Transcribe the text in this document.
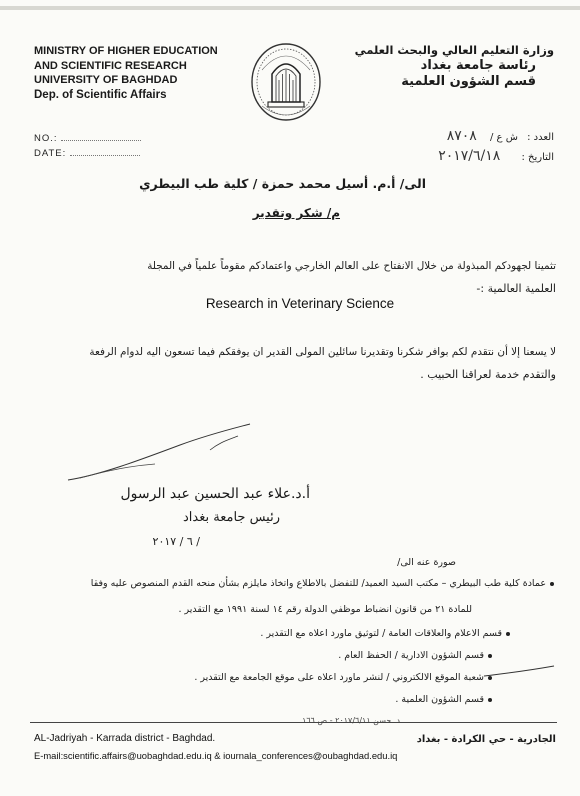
MINISTRY OF HIGHER EDUCATION
AND SCIENTIFIC RESEARCH
UNIVERSITY OF BAGHDAD
Dep. of Scientific Affairs
وزارة التعليم العالي والبحث العلمي
رئاسة جامعة بغداد
قسم الشؤون العلمية
NO.:
DATE:
العدد : ش ع / ٨٧٠٨
التاريخ : ٢٠١٧/٦/١٨
الى/ أ.م. أسيل محمد حمزة / كلية طب البيطري
م/ شكر وتقدير
تثمينا لجهودكم المبذولة من خلال الانفتاح على العالم الخارجي واعتمادكم مقوماً علمياً في المجلة
العلمية العالمية :-
Research in Veterinary Science
لا يسعنا إلا أن نتقدم لكم بوافر شكرنا وتقديرنا سائلين المولى القدير ان يوفقكم فيما تسعون اليه لدوام الرفعة
والتقدم خدمة لعراقنا الحبيب .
أ.د.علاء عبد الحسين عبد الرسول
رئيس جامعة بغداد
/ ٦ / ٢٠١٧
صورة عنه الى/
عمادة كلية طب البيطري – مكتب السيد العميد/ للتفضل بالاطلاع واتخاذ مايلزم بشأن منحه القدم المنصوص عليه وفقا
للمادة ٢١ من قانون انضباط موظفي الدولة رقم ١٤ لسنة ١٩٩١ مع التقدير .
قسم الاعلام والعلاقات العامة / لتوثيق ماورد اعلاه مع التقدير .
قسم الشؤون الادارية / الحفظ العام .
شعبة الموقع الالكتروني / لنشر ماورد اعلاه على موقع الجامعة مع التقدير .
قسم الشؤون العلمية .
د. حسن ٢٠١٧/٦/١١ - ص ١٦٦
AL-Jadriyah - Karrada district - Baghdad.
E-mail:scientific.affairs@uobaghdad.edu.iq & iournala_conferences@oubaghdad.edu.iq
الجادرية - حي الكرادة - بغداد
